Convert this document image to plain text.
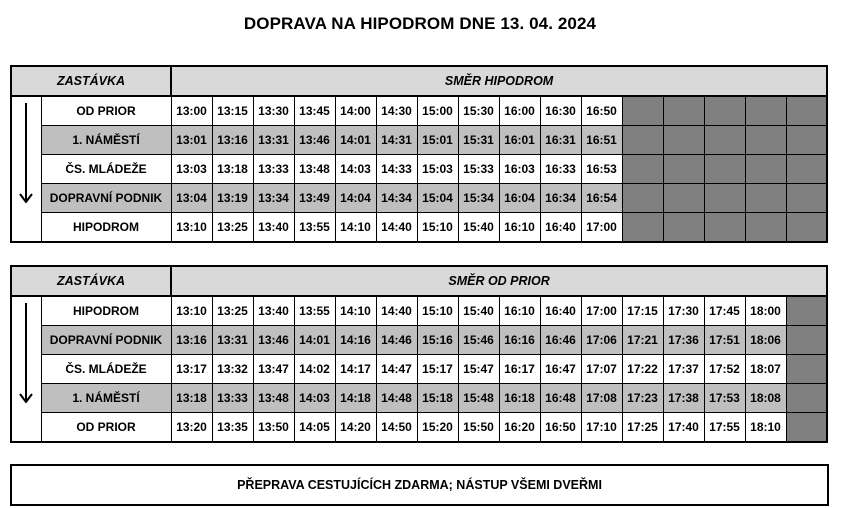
DOPRAVA NA HIPODROM DNE 13. 04. 2024
ZASTÁVKA		SMĚR HIPODROM															

	OD PRIOR	13:00	13:15	13:30	13:45	14:00	14:30	15:00	15:30	16:00	16:30	16:50					
	1. NÁMĚSTÍ	13:01	13:16	13:31	13:46	14:01	14:31	15:01	15:31	16:01	16:31	16:51					
	ČS. MLÁDEŽE	13:03	13:18	13:33	13:48	14:03	14:33	15:03	15:33	16:03	16:33	16:53					
	DOPRAVNÍ PODNIK	13:04	13:19	13:34	13:49	14:04	14:34	15:04	15:34	16:04	16:34	16:54					
	HIPODROM	13:10	13:25	13:40	13:55	14:10	14:40	15:10	15:40	16:10	16:40	17:00					
ZASTÁVKA		SMĚR OD PRIOR															

	HIPODROM	13:10	13:25	13:40	13:55	14:10	14:40	15:10	15:40	16:10	16:40	17:00	17:15	17:30	17:45	18:00	
	DOPRAVNÍ PODNIK	13:16	13:31	13:46	14:01	14:16	14:46	15:16	15:46	16:16	16:46	17:06	17:21	17:36	17:51	18:06	
	ČS. MLÁDEŽE	13:17	13:32	13:47	14:02	14:17	14:47	15:17	15:47	16:17	16:47	17:07	17:22	17:37	17:52	18:07	
	1. NÁMĚSTÍ	13:18	13:33	13:48	14:03	14:18	14:48	15:18	15:48	16:18	16:48	17:08	17:23	17:38	17:53	18:08	
	OD PRIOR	13:20	13:35	13:50	14:05	14:20	14:50	15:20	15:50	16:20	16:50	17:10	17:25	17:40	17:55	18:10	
PŘEPRAVA CESTUJÍCÍCH ZDARMA; NÁSTUP VŠEMI DVEŘMI
